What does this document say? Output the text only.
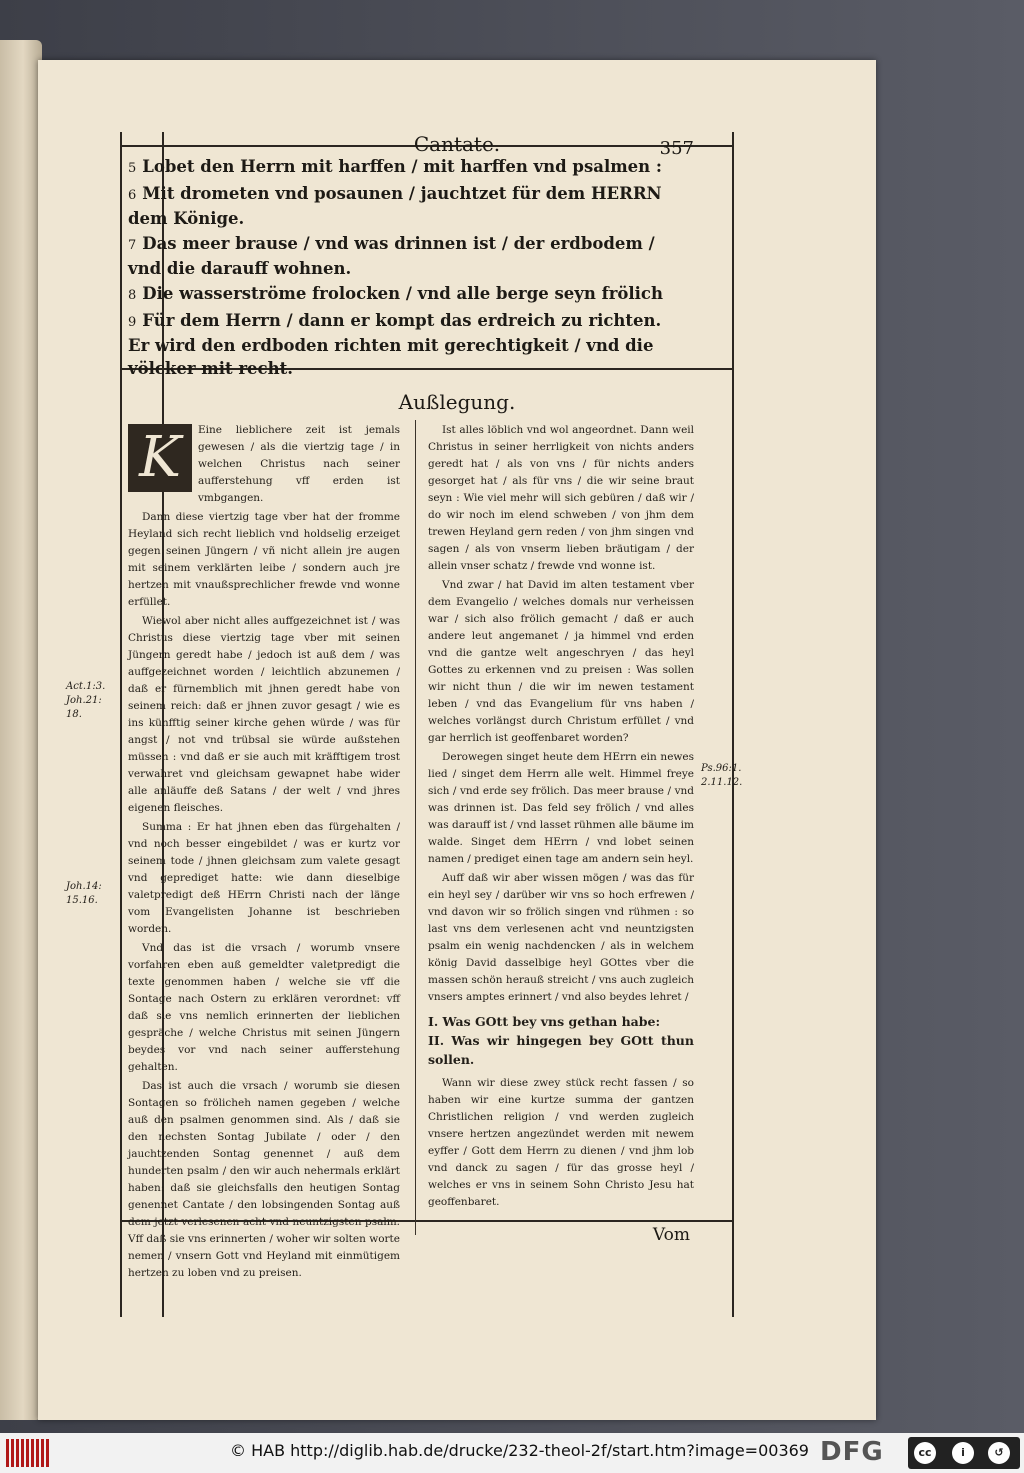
Cantate.	357

5 Lobet den Herrn mit harffen / mit harffen vnd psalmen :

6 Mit drometen vnd posaunen / jauchtzet für dem HERRN dem Könige.

7 Das meer brause / vnd was drinnen ist / der erdbodem / vnd die darauff wohnen.

8 Die wasserströme frolocken / vnd alle berge seyn frölich

9 Für dem Herrn / dann er kompt das erdreich zu richten. Er wird den erdboden richten mit gerechtigkeit / vnd die völcker mit recht.

Außlegung.

K	Eine lieblichere zeit ist jemals gewesen / als die viertzig tage / in welchen Christus nach seiner aufferstehung vff erden ist vmbgangen.

Dann diese viertzig tage vber hat der fromme Heyland sich recht lieblich vnd holdselig erzeiget gegen seinen Jüngern / vñ nicht allein jre augen mit seinem verklärten leibe / sondern auch jre hertzen mit vnaußsprechlicher frewde vnd wonne erfüllet.

Wiewol aber nicht alles auffgezeichnet ist / was Christus diese viertzig tage vber mit seinen Jüngern geredt habe / jedoch ist auß dem / was auffgezeichnet worden / leichtlich abzunemen / daß er fürnemblich mit jhnen geredt habe von seinem reich: daß er jhnen zuvor gesagt / wie es ins künfftig seiner kirche gehen würde / was für angst / not vnd trübsal sie würde außstehen müssen : vnd daß er sie auch mit kräfftigem trost verwahret vnd gleichsam gewapnet habe wider alle anläuffe deß Satans / der welt / vnd jhres eigenen fleisches.

Summa : Er hat jhnen eben das fürgehalten / vnd noch besser eingebildet / was er kurtz vor seinem tode / jhnen gleichsam zum valete gesagt vnd geprediget hatte: wie dann dieselbige valetpredigt deß HErrn Christi nach der länge vom Evangelisten Johanne ist beschrieben worden.

Vnd das ist die vrsach / worumb vnsere vorfahren eben auß gemeldter valetpredigt die texte genommen haben / welche sie vff die Sontage nach Ostern zu erklären verordnet: vff daß sie vns nemlich erinnerten der lieblichen gespräche / welche Christus mit seinen Jüngern beydes vor vnd nach seiner aufferstehung gehalten.

Das ist auch die vrsach / worumb sie diesen Sontagen so frölicheh namen gegeben / welche auß den psalmen genommen sind. Als / daß sie den nechsten Sontag Jubilate / oder / den jauchtzenden Sontag genennet / auß dem hunderten psalm / den wir auch nehermals erklärt haben: daß sie gleichsfalls den heutigen Sontag genennet Cantate / den lobsingenden Sontag auß dem jetzt verlesenen acht vnd neuntzigsten psalm. Vff daß sie vns erinnerten / woher wir solten worte nemen / vnsern Gott vnd Heyland mit einmütigem hertzen zu loben vnd zu preisen.

Ist alles löblich vnd wol angeordnet. Dann weil Christus in seiner herrligkeit von nichts anders geredt hat / als von vns / für nichts anders gesorget hat / als für vns / die wir seine braut seyn : Wie viel mehr will sich gebüren / daß wir / do wir noch im elend schweben / von jhm dem trewen Heyland gern reden / von jhm singen vnd sagen / als von vnserm lieben bräutigam / der allein vnser schatz / frewde vnd wonne ist.

Vnd zwar / hat David im alten testament vber dem Evangelio / welches domals nur verheissen war / sich also frölich gemacht / daß er auch andere leut angemanet / ja himmel vnd erden vnd die gantze welt angeschryen / das heyl Gottes zu erkennen vnd zu preisen : Was sollen wir nicht thun / die wir im newen testament leben / vnd das Evangelium für vns haben / welches vorlängst durch Christum erfüllet / vnd gar herrlich ist geoffenbaret worden?

Derowegen singet heute dem HErrn ein newes lied / singet dem Herrn alle welt. Himmel freye sich / vnd erde sey frölich. Das meer brause / vnd was drinnen ist. Das feld sey frölich / vnd alles was darauff ist / vnd lasset rühmen alle bäume im walde. Singet dem HErrn / vnd lobet seinen namen / prediget einen tage am andern sein heyl.

Auff daß wir aber wissen mögen / was das für ein heyl sey / darüber wir vns so hoch erfrewen / vnd davon wir so frölich singen vnd rühmen : so last vns dem verlesenen acht vnd neuntzigsten psalm ein wenig nachdencken / als in welchem könig David dasselbige heyl GOttes vber die massen schön herauß streicht / vns auch zugleich vnsers amptes erinnert / vnd also beydes lehret /

I. Was GOtt bey vns gethan habe:
II. Was wir hingegen bey GOtt thun sollen.

Wann wir diese zwey stück recht fassen / so haben wir eine kurtze summa der gantzen Christlichen religion / vnd werden zugleich vnsere hertzen angezündet werden mit newem eyffer / Gott dem Herrn zu dienen / vnd jhm lob vnd danck zu sagen / für das grosse heyl / welches er vns in seinem Sohn Christo Jesu hat geoffenbaret.

Act.1:3. Joh.21: 18.
Joh.14: 15.16.
Ps.96:1. 2.11.12.
Vom
© HAB http://diglib.hab.de/drucke/232-theol-2f/start.htm?image=00369 DFG	cc	i	↺
